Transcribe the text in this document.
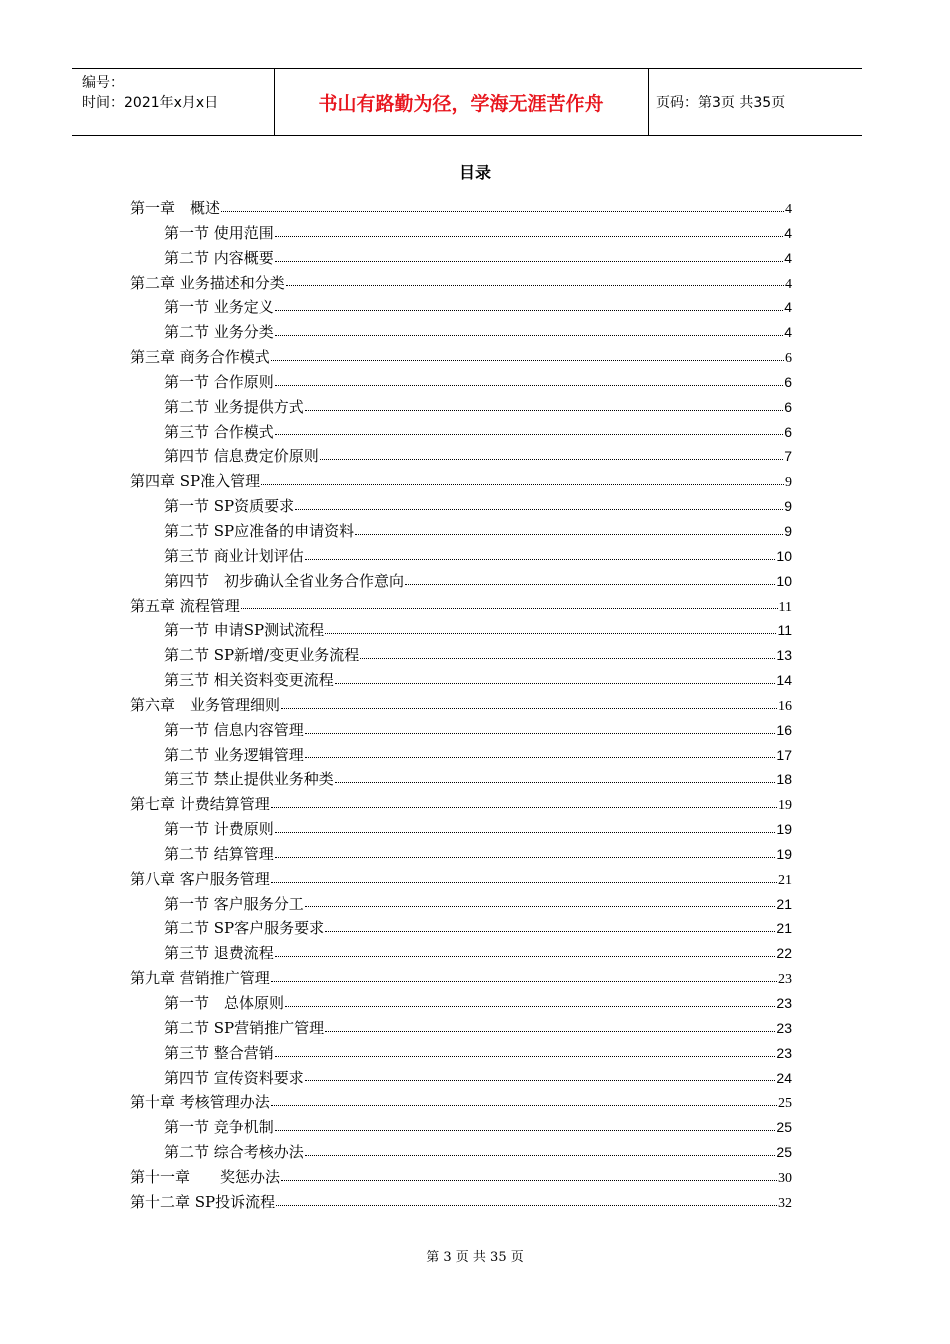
编号：
时间：2021年x月x日	书山有路勤为径，学海无涯苦作舟	页码：第3页 共35页
目录
第一章　概述	4
第一节 使用范围	4
第二节 内容概要	4
第二章 业务描述和分类	4
第一节 业务定义	4
第二节 业务分类	4
第三章 商务合作模式	6
第一节 合作原则	6
第二节 业务提供方式	6
第三节 合作模式	6
第四节 信息费定价原则	7
第四章 SP准入管理	9
第一节 SP资质要求	9
第二节 SP应准备的申请资料	9
第三节 商业计划评估	10
第四节　初步确认全省业务合作意向	10
第五章 流程管理	11
第一节 申请SP测试流程	11
第二节 SP新增/变更业务流程	13
第三节 相关资料变更流程	14
第六章　业务管理细则	16
第一节 信息内容管理	16
第二节 业务逻辑管理	17
第三节 禁止提供业务种类	18
第七章 计费结算管理	19
第一节 计费原则	19
第二节 结算管理	19
第八章 客户服务管理	21
第一节 客户服务分工	21
第二节 SP客户服务要求	21
第三节 退费流程	22
第九章 营销推广管理	23
第一节　总体原则	23
第二节 SP营销推广管理	23
第三节 整合营销	23
第四节 宣传资料要求	24
第十章 考核管理办法	25
第一节 竞争机制	25
第二节 综合考核办法	25
第十一章　　奖惩办法	30
第十二章 SP投诉流程	32
第 3 页 共 35 页
